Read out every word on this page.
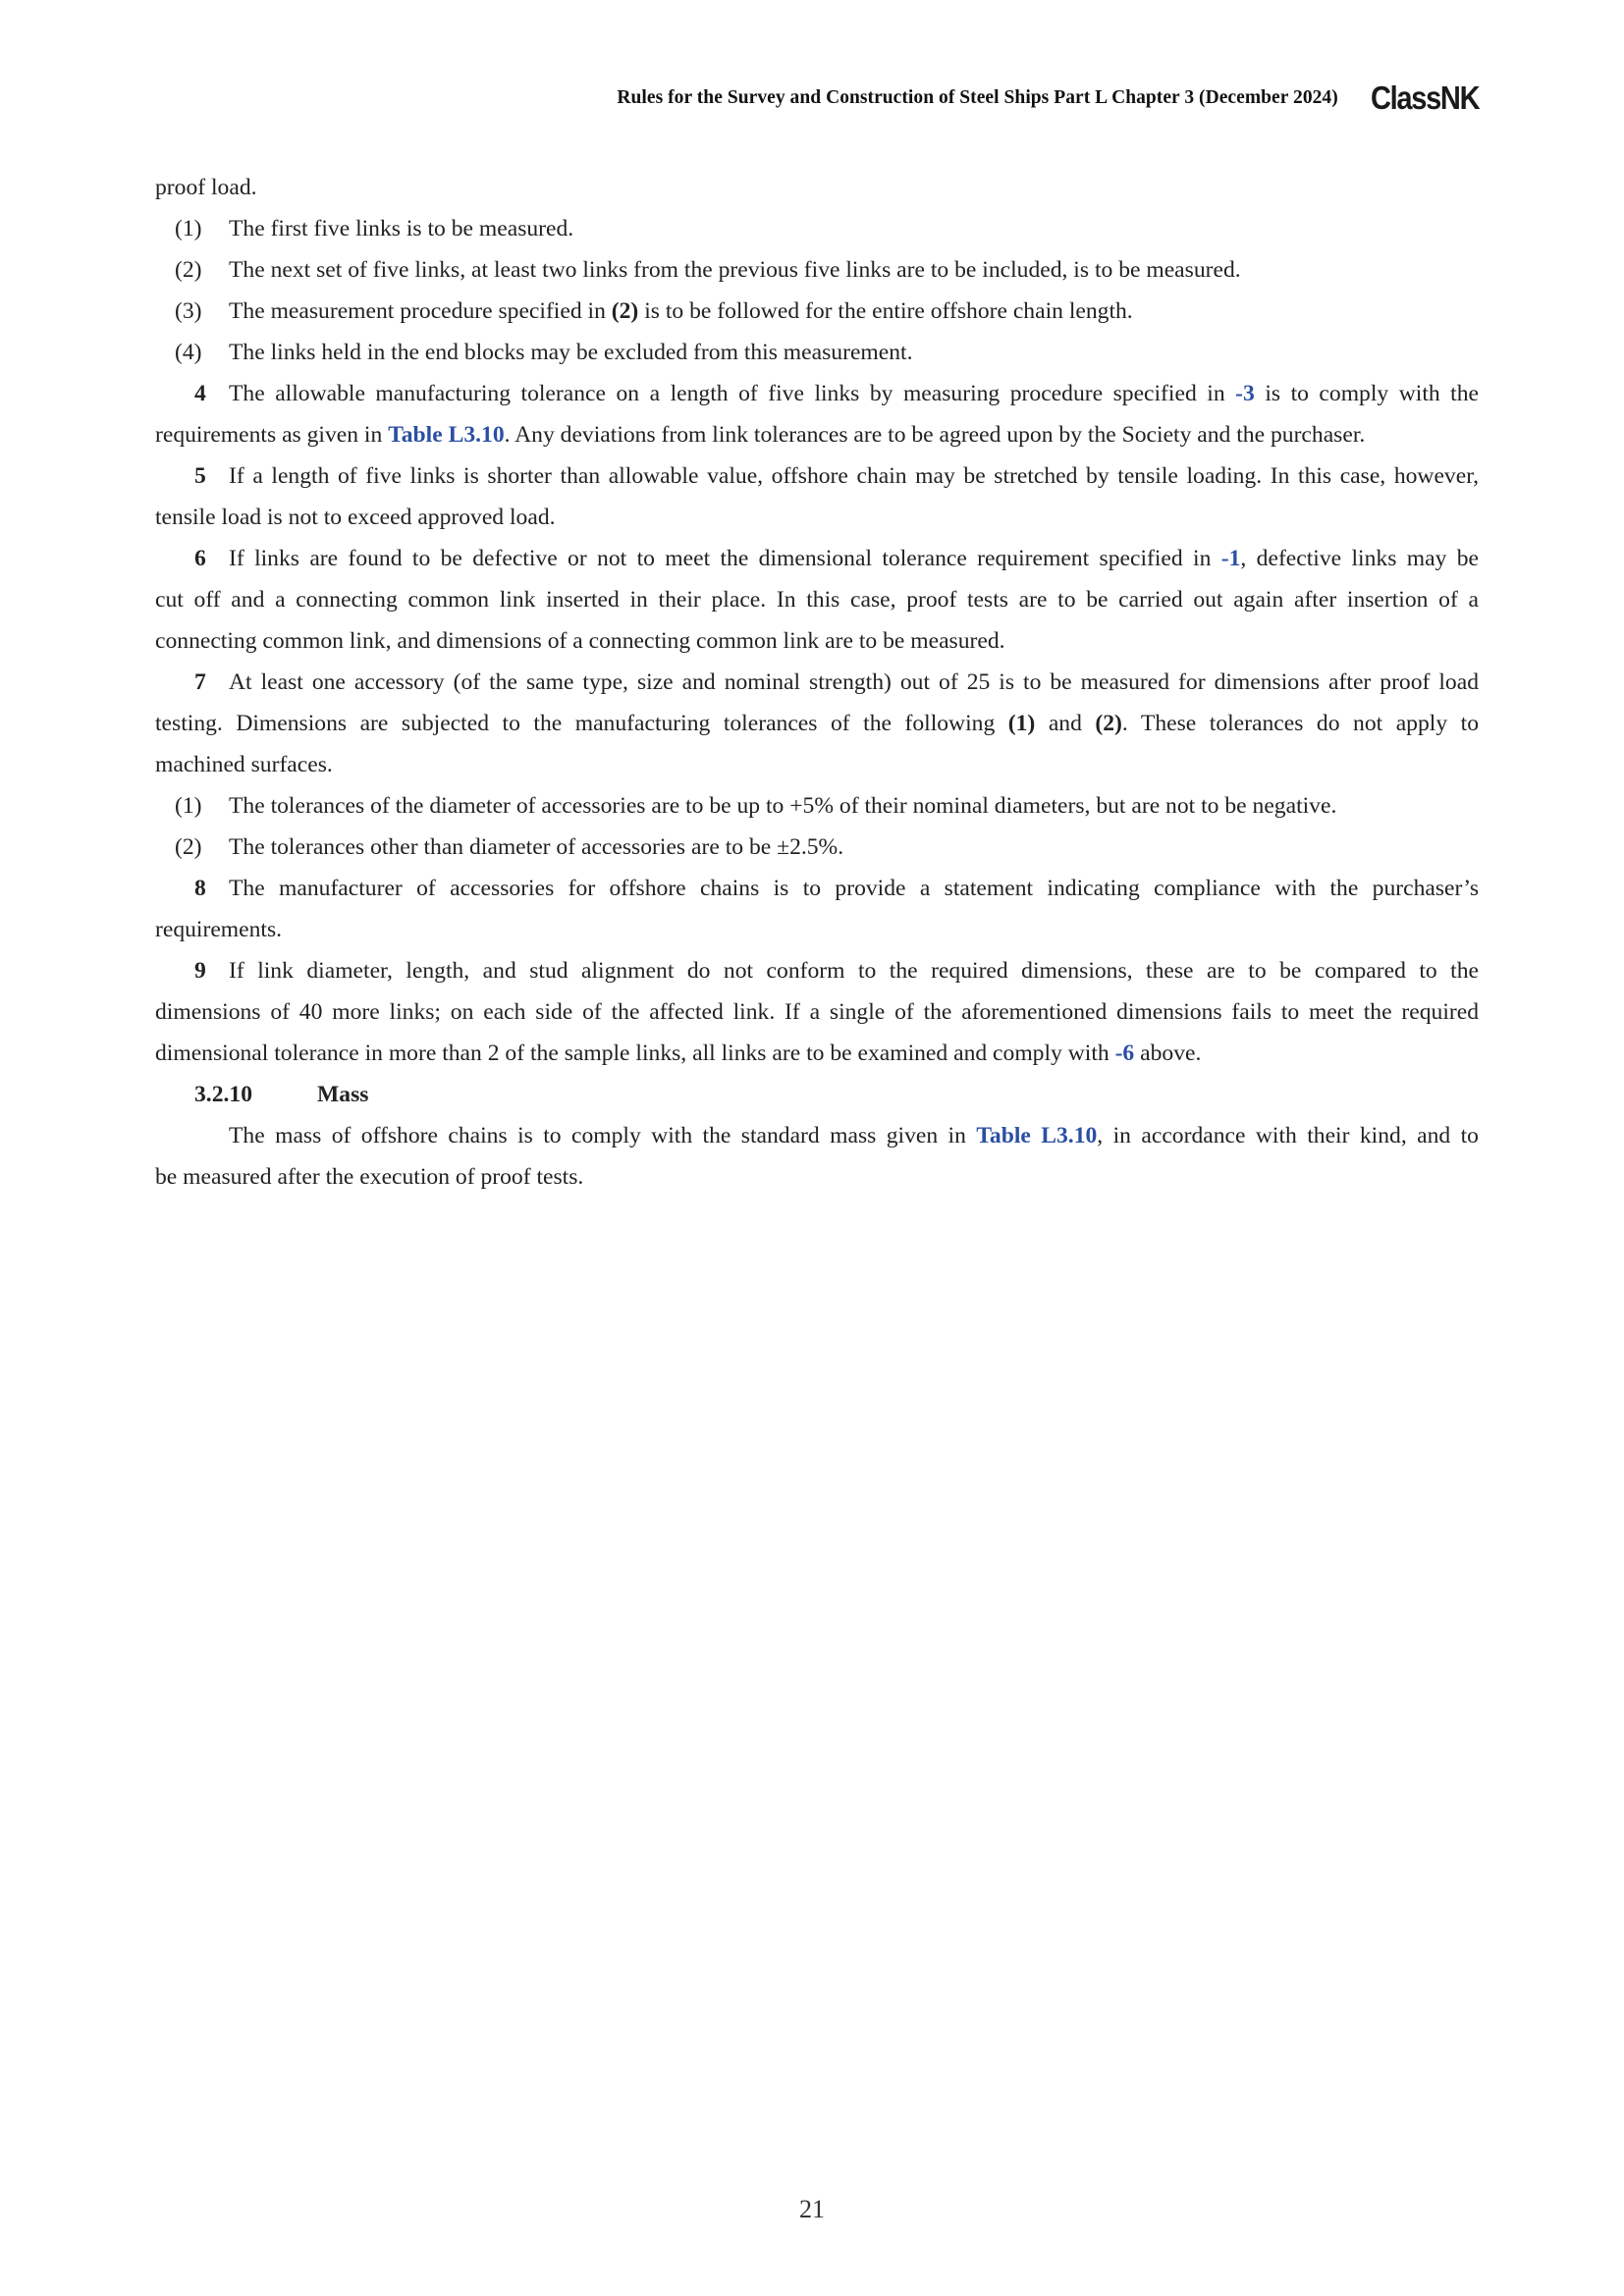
Rules for the Survey and Construction of Steel Ships Part L Chapter 3 (December 2024) ClassNK
proof load.
(1) The first five links is to be measured.
(2) The next set of five links, at least two links from the previous five links are to be included, is to be measured.
(3) The measurement procedure specified in (2) is to be followed for the entire offshore chain length.
(4) The links held in the end blocks may be excluded from this measurement.
4 The allowable manufacturing tolerance on a length of five links by measuring procedure specified in -3 is to comply with the
requirements as given in Table L3.10. Any deviations from link tolerances are to be agreed upon by the Society and the purchaser.
5 If a length of five links is shorter than allowable value, offshore chain may be stretched by tensile loading. In this case, however,
tensile load is not to exceed approved load.
6 If links are found to be defective or not to meet the dimensional tolerance requirement specified in -1, defective links may be
cut off and a connecting common link inserted in their place. In this case, proof tests are to be carried out again after insertion of a
connecting common link, and dimensions of a connecting common link are to be measured.
7 At least one accessory (of the same type, size and nominal strength) out of 25 is to be measured for dimensions after proof load
testing. Dimensions are subjected to the manufacturing tolerances of the following (1) and (2). These tolerances do not apply to
machined surfaces.
(1) The tolerances of the diameter of accessories are to be up to +5% of their nominal diameters, but are not to be negative.
(2) The tolerances other than diameter of accessories are to be ±2.5%.
8 The manufacturer of accessories for offshore chains is to provide a statement indicating compliance with the purchaser’s
requirements.
9 If link diameter, length, and stud alignment do not conform to the required dimensions, these are to be compared to the
dimensions of 40 more links; on each side of the affected link. If a single of the aforementioned dimensions fails to meet the required
dimensional tolerance in more than 2 of the sample links, all links are to be examined and comply with -6 above.
3.2.10	Mass
The mass of offshore chains is to comply with the standard mass given in Table L3.10, in accordance with their kind, and to
be measured after the execution of proof tests.
21
